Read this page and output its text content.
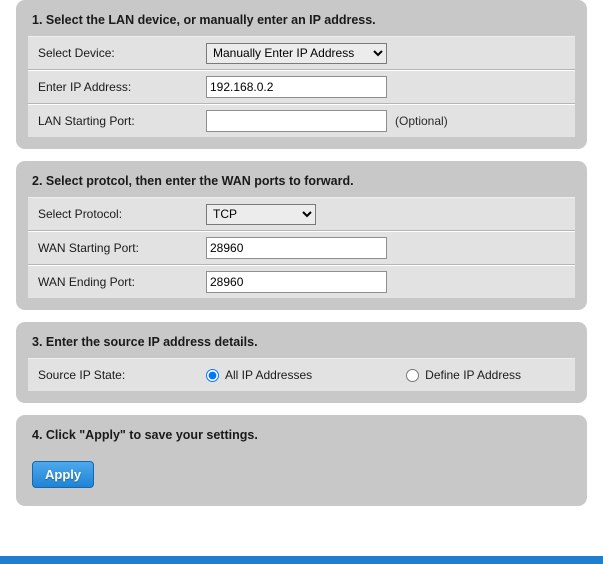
1. Select the LAN device, or manually enter an IP address.
Select Device:
Manually Enter IP Address
Enter IP Address:
192.168.0.2
LAN Starting Port:	(Optional)
2. Select protcol, then enter the WAN ports to forward.
Select Protocol:
TCP
WAN Starting Port:
28960
WAN Ending Port:
28960
3. Enter the source IP address details.
Source IP State:	All IP Addresses	Define IP Address
4. Click "Apply" to save your settings.
Apply
